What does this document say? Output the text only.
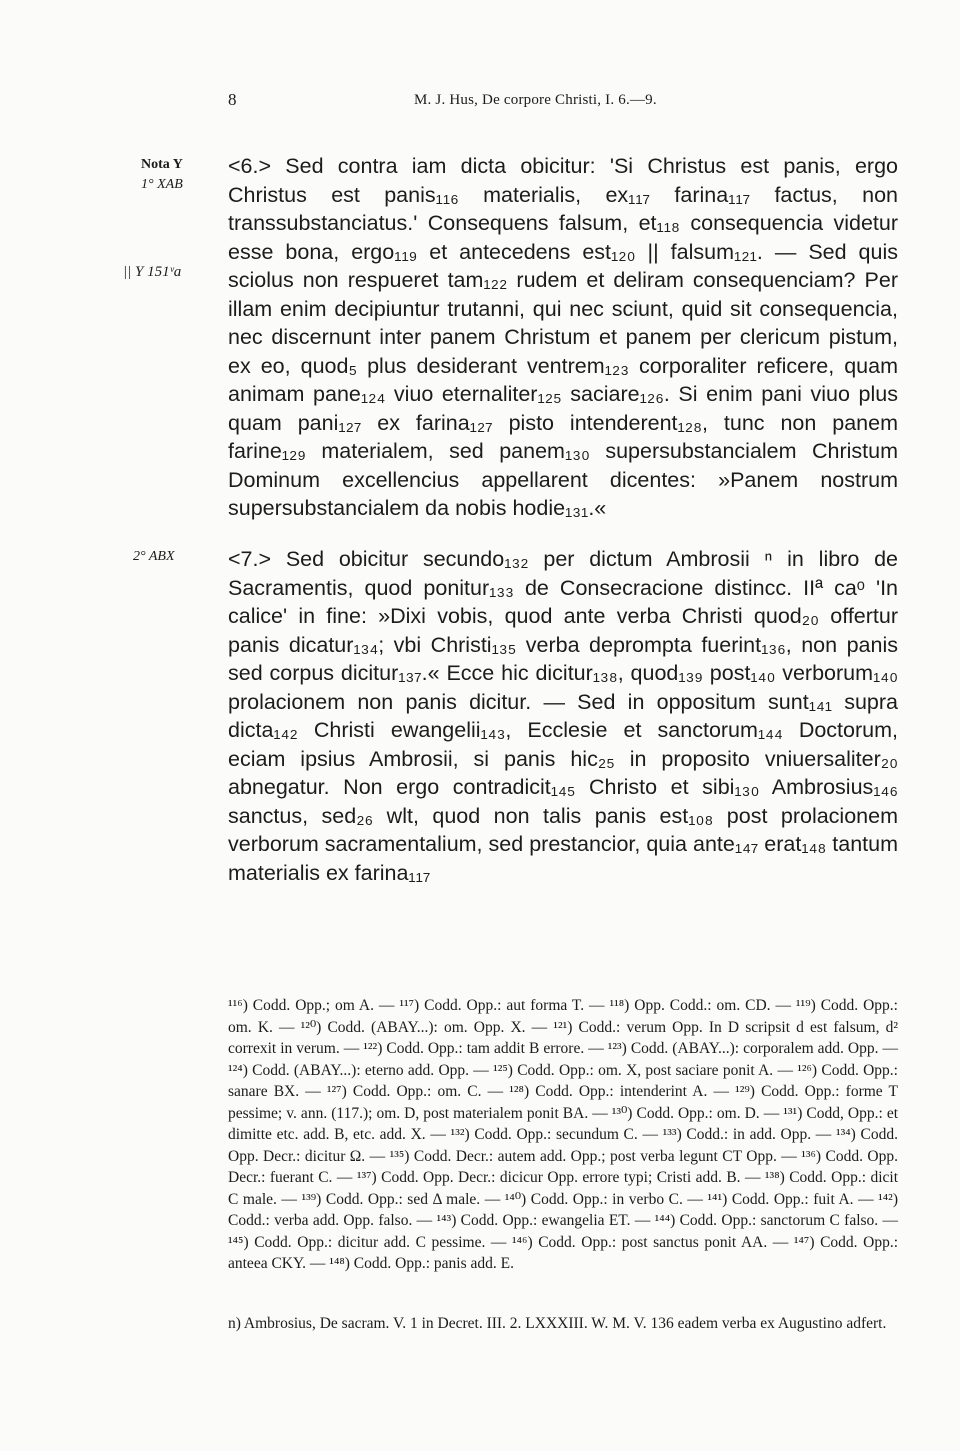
8	M. J. Hus, De corpore Christi, I. 6.—9.
Nota Y
1° XAB
|| Y 151ᵛa
2° ABX
<6.> Sed contra iam dicta obicitur: 'Si Christus est panis, ergo Christus est panis₁₁₆ materialis, ex₁₁₇ farina₁₁₇ factus, non transsubstanciatus.' Consequens falsum, et₁₁₈ consequencia videtur esse bona, ergo₁₁₉ et antecedens est₁₂₀ || falsum₁₂₁. — Sed quis sciolus non respueret tam₁₂₂ rudem et deliram consequenciam? Per illam enim decipiuntur trutanni, qui nec sciunt, quid sit consequencia, nec discernunt inter panem Christum et panem per clericum pistum, ex eo, quod₅ plus desiderant ventrem₁₂₃ corporaliter reficere, quam animam pane₁₂₄ viuo eternaliter₁₂₅ saciare₁₂₆. Si enim pani viuo plus quam pani₁₂₇ ex farina₁₂₇ pisto intenderent₁₂₈, tunc non panem farine₁₂₉ materialem, sed panem₁₃₀ supersubstancialem Christum Dominum excellencius appellarent dicentes: »Panem nostrum supersubstancialem da nobis hodie₁₃₁.«
<7.> Sed obicitur secundo₁₃₂ per dictum Ambrosii ⁿ in libro de Sacramentis, quod ponitur₁₃₃ de Consecracione distincc. IIª caᵒ 'In calice' in fine: »Dixi vobis, quod ante verba Christi quod₂₀ offertur panis dicatur₁₃₄; vbi Christi₁₃₅ verba deprompta fuerint₁₃₆, non panis sed corpus dicitur₁₃₇.« Ecce hic dicitur₁₃₈, quod₁₃₉ post₁₄₀ verborum₁₄₀ prolacionem non panis dicitur. — Sed in oppositum sunt₁₄₁ supra dicta₁₄₂ Christi ewangelii₁₄₃, Ecclesie et sanctorum₁₄₄ Doctorum, eciam ipsius Ambrosii, si panis hic₂₅ in proposito vniuersaliter₂₀ abnegatur. Non ergo contradicit₁₄₅ Christo et sibi₁₃₀ Ambrosius₁₄₆ sanctus, sed₂₆ wlt, quod non talis panis est₁₀₈ post prolacionem verborum sacramentalium, sed prestancior, quia ante₁₄₇ erat₁₄₈ tantum materialis ex farina₁₁₇
¹¹⁶) Codd. Opp.; om A. — ¹¹⁷) Codd. Opp.: aut forma T. — ¹¹⁸) Opp. Codd.: om. CD. — ¹¹⁹) Codd. Opp.: om. K. — ¹²⁰) Codd. (ABAY...): om. Opp. X. — ¹²¹) Codd.: verum Opp. In D scripsit d est falsum, d² correxit in verum. — ¹²²) Codd. Opp.: tam addit B errore. — ¹²³) Codd. (ABAY...): corporalem add. Opp. — ¹²⁴) Codd. (ABAY...): eterno add. Opp. — ¹²⁵) Codd. Opp.: om. X, post saciare ponit A. — ¹²⁶) Codd. Opp.: sanare BX. — ¹²⁷) Codd. Opp.: om. C. — ¹²⁸) Codd. Opp.: intenderint A. — ¹²⁹) Codd. Opp.: forme T pessime; v. ann. (117.); om. D, post materialem ponit BA. — ¹³⁰) Codd. Opp.: om. D. — ¹³¹) Codd, Opp.: et dimitte etc. add. B, etc. add. X. — ¹³²) Codd. Opp.: secundum C. — ¹³³) Codd.: in add. Opp. — ¹³⁴) Codd. Opp. Decr.: dicitur Ω. — ¹³⁵) Codd. Decr.: autem add. Opp.; post verba legunt CT Opp. — ¹³⁶) Codd. Opp. Decr.: fuerant C. — ¹³⁷) Codd. Opp. Decr.: dicicur Opp. errore typi; Cristi add. B. — ¹³⁸) Codd. Opp.: dicit C male. — ¹³⁹) Codd. Opp.: sed Δ male. — ¹⁴⁰) Codd. Opp.: in verbo C. — ¹⁴¹) Codd. Opp.: fuit A. — ¹⁴²) Codd.: verba add. Opp. falso. — ¹⁴³) Codd. Opp.: ewangelia ET. — ¹⁴⁴) Codd. Opp.: sanctorum C falso. — ¹⁴⁵) Codd. Opp.: dicitur add. C pessime. — ¹⁴⁶) Codd. Opp.: post sanctus ponit AA. — ¹⁴⁷) Codd. Opp.: anteea CKY. — ¹⁴⁸) Codd. Opp.: panis add. E.
n) Ambrosius, De sacram. V. 1 in Decret. III. 2. LXXXIII. W. M. V. 136 eadem verba ex Augustino adfert.
